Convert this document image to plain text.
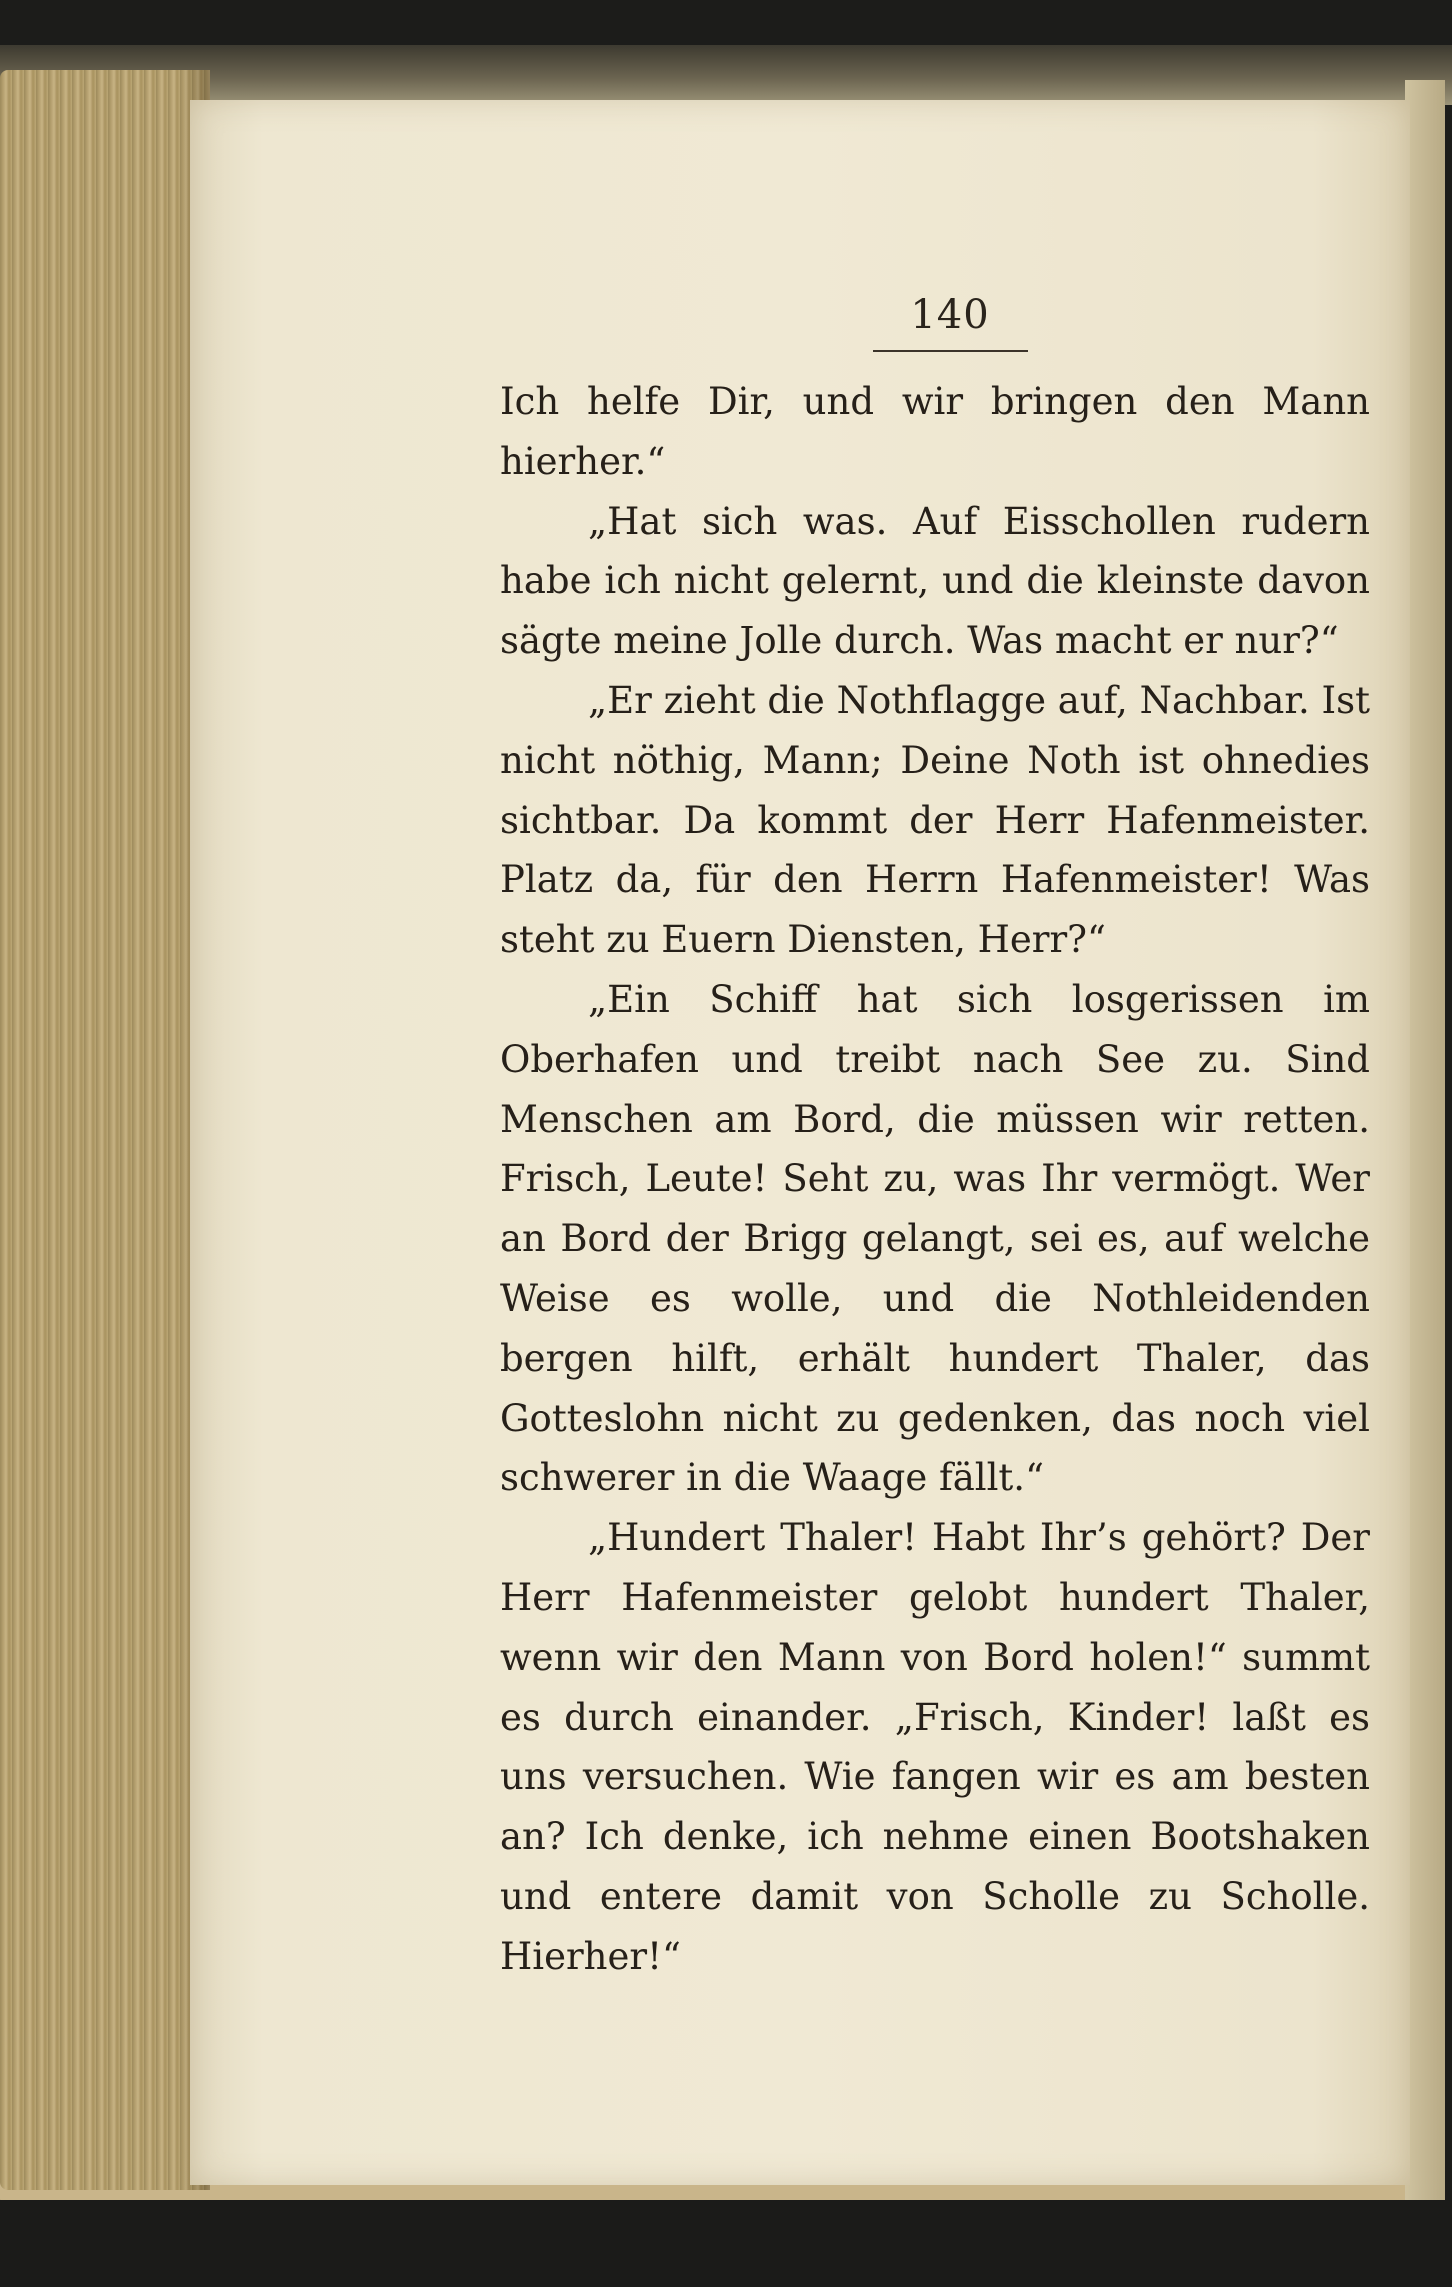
140

Ich helfe Dir, und wir bringen den Mann hierher.“

„Hat sich was. Auf Eisschollen rudern habe ich nicht gelernt, und die kleinste davon sägte meine Jolle durch. Was macht er nur?“

„Er zieht die Nothflagge auf, Nachbar. Ist nicht nöthig, Mann; Deine Noth ist ohnedies sichtbar. Da kommt der Herr Hafenmeister. Platz da, für den Herrn Hafenmeister! Was steht zu Euern Diensten, Herr?“

„Ein Schiff hat sich losgerissen im Oberhafen und treibt nach See zu. Sind Menschen am Bord, die müssen wir retten. Frisch, Leute! Seht zu, was Ihr vermögt. Wer an Bord der Brigg gelangt, sei es, auf welche Weise es wolle, und die Nothleidenden bergen hilft, erhält hundert Thaler, das Gotteslohn nicht zu gedenken, das noch viel schwerer in die Waage fällt.“

„Hundert Thaler! Habt Ihr’s gehört? Der Herr Hafenmeister gelobt hundert Thaler, wenn wir den Mann von Bord holen!“ summt es durch einander. „Frisch, Kinder! laßt es uns versuchen. Wie fangen wir es am besten an? Ich denke, ich nehme einen Bootshaken und entere damit von Scholle zu Scholle. Hierher!“
